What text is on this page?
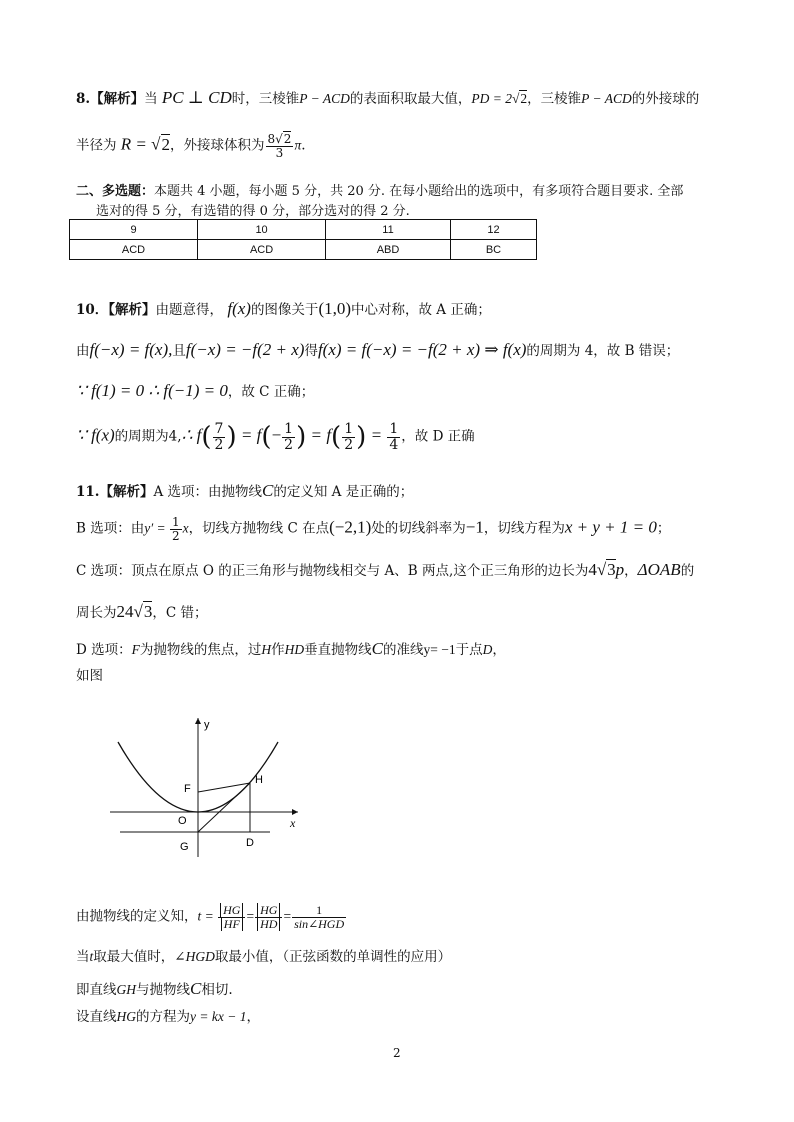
8.【解析】当 PC ⊥ CD时，三棱锥P − ACD的表面积取最大值，PD = 2√2，三棱锥P − ACD的外接球的
半径为 R = √2，外接球体积为 $\frac{8√2}{3} \pi$.
二、多选题：本题共 4 小题，每小题 5 分，共 20 分. 在每小题给出的选项中，有多项符合题目要求. 全部
选对的得 5 分，有选错的得 0 分，部分选对的得 2 分.
9	10	11	12
ACD	ACD	ABD	BC
10．【解析】由题意得， f(x)的图像关于(1,0)中心对称，故 A 正确；
由f(−x) = f(x),且f(−x) = −f(2 + x)得f(x) = f(−x) = −f(2 + x) ⇒ f(x)的周期为 4，故 B 错误；
∵ f(1) = 0 ∴ f(−1) = 0，故 C 正确；
∵ f(x)的周期为4,∴ $f( \frac{7}{2}$ ) = $f(- \frac{1}{2}$ ) = $f( \frac{1}{2}$ ) = $\frac{1}{4}$ ，故 D 正确
11.【解析】A 选项：由抛物线C的定义知 A 是正确的；
B 选项：由$y' = \frac{1}{2}$ x，切线方抛物线 C 在点(−2,1)处的切线斜率为−1，切线方程为x + y + 1 = 0；
C 选项：顶点在原点 O 的正三角形与抛物线相交与 A、B 两点,这个正三角形的边长为4√3p，ΔOAB的
周长为24√3，C 错；
D 选项：F为抛物线的焦点，过H作HD垂直抛物线C的准线y= −1于点D，
如图
y
x
F
H
O
G	D
由抛物线的定义知，$t = \frac{HG}{HF} = \frac{HG}{HD} = \frac{1}{\text{sin∠HGD}}$
当t取最大值时，∠HGD取最小值，（正弦函数的单调性的应用）
即直线GH与抛物线C相切.
设直线HG的方程为y = kx − 1，
2
